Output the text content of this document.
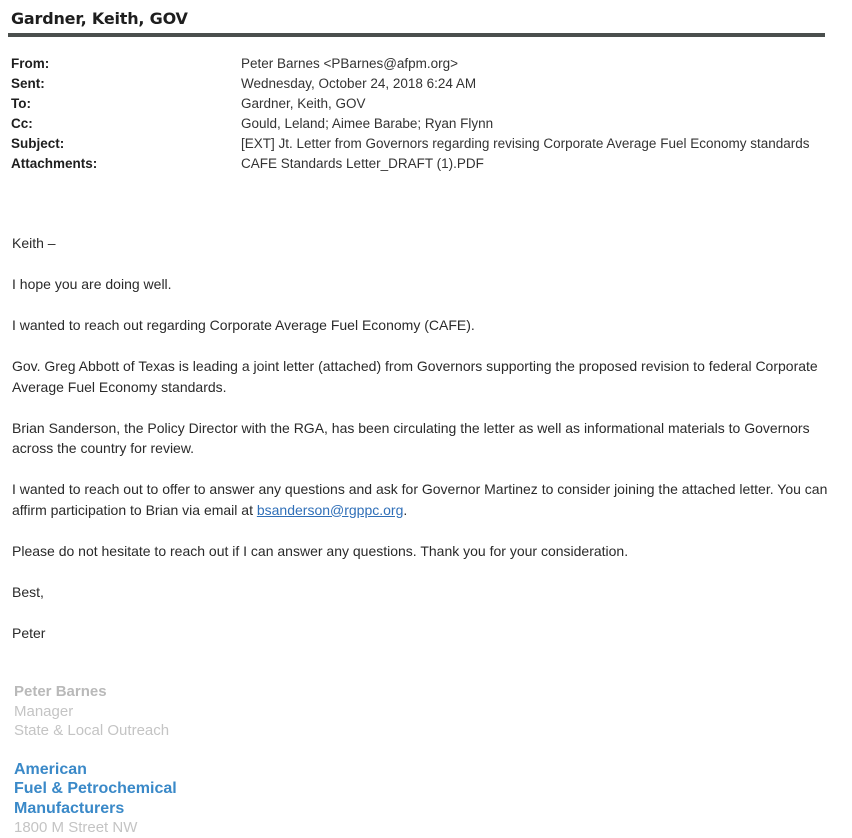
Gardner, Keith, GOV
From:	Peter Barnes <PBarnes@afpm.org>
Sent:	Wednesday, October 24, 2018 6:24 AM
To:	Gardner, Keith, GOV
Cc:	Gould, Leland; Aimee Barabe; Ryan Flynn
Subject:	[EXT] Jt. Letter from Governors regarding revising Corporate Average Fuel Economy standards
Attachments:	CAFE Standards Letter_DRAFT (1).PDF

Keith –

I hope you are doing well.

I wanted to reach out regarding Corporate Average Fuel Economy (CAFE).

Gov. Greg Abbott of Texas is leading a joint letter (attached) from Governors supporting the proposed revision to federal Corporate Average Fuel Economy standards.

Brian Sanderson, the Policy Director with the RGA, has been circulating the letter as well as informational materials to Governors across the country for review.

I wanted to reach out to offer to answer any questions and ask for Governor Martinez to consider joining the attached letter. You can affirm participation to Brian via email at bsanderson@rgppc.org.

Please do not hesitate to reach out if I can answer any questions. Thank you for your consideration.

Best,

Peter

Peter Barnes
Manager
State & Local Outreach
American
Fuel & Petrochemical
Manufacturers
1800 M Street NW
